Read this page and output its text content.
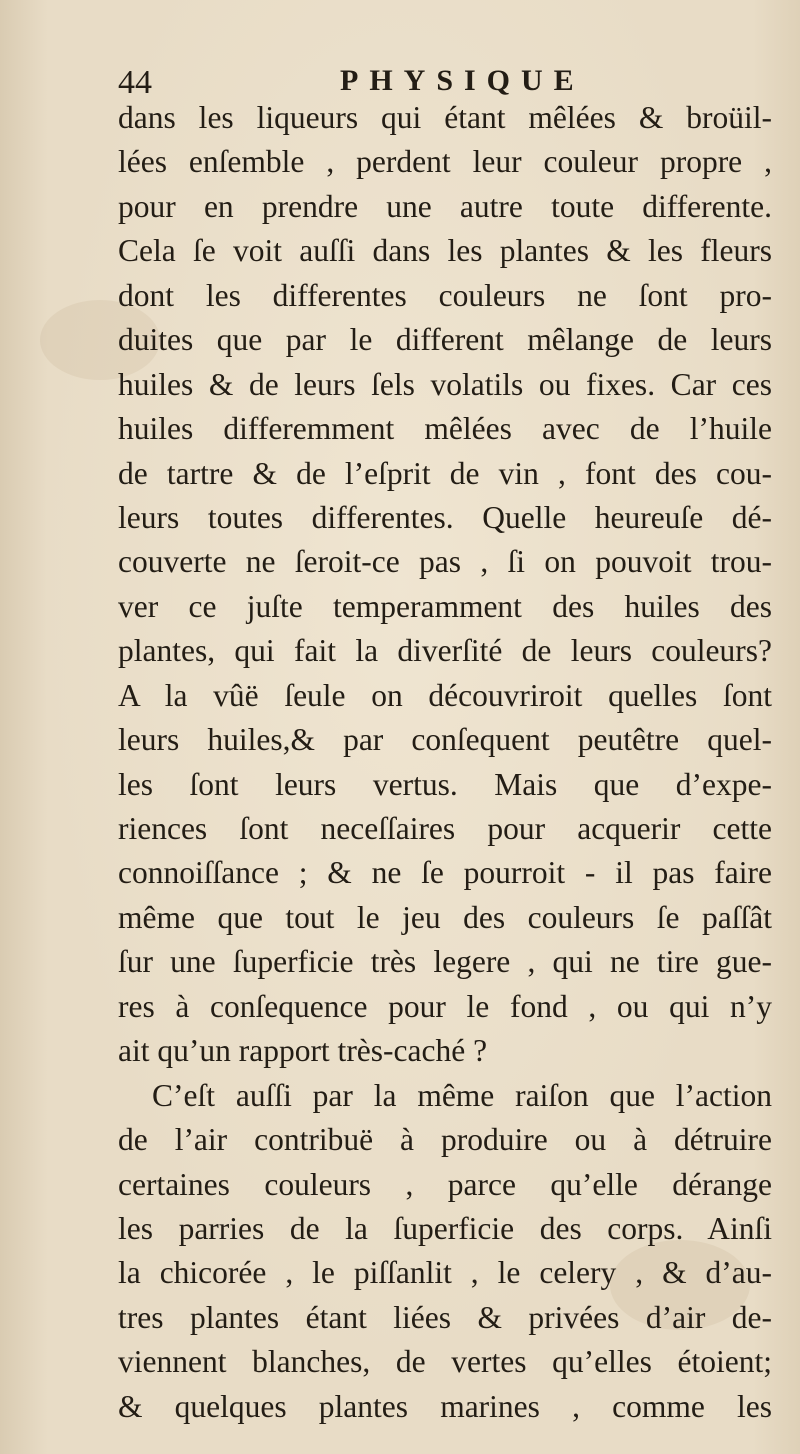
44	PHYSIQUE
dans les liqueurs qui étant mêlées & broüil-
lées enſemble , perdent leur couleur propre ,
pour en prendre une autre toute differente.
Cela ſe voit auſſi dans les plantes & les fleurs
dont les differentes couleurs ne ſont pro-
duites que par le different mêlange de leurs
huiles & de leurs ſels volatils ou fixes. Car ces
huiles differemment mêlées avec de l’huile
de tartre & de l’eſprit de vin , font des cou-
leurs toutes differentes. Quelle heureuſe dé-
couverte ne ſeroit-ce pas , ſi on pouvoit trou-
ver ce juſte temperamment des huiles des
plantes, qui fait la diverſité de leurs couleurs?
A la vûë ſeule on découvriroit quelles ſont
leurs huiles,& par conſequent peutêtre quel-
les ſont leurs vertus. Mais que d’expe-
riences ſont neceſſaires pour acquerir cette
connoiſſance ; & ne ſe pourroit - il pas faire
même que tout le jeu des couleurs ſe paſſât
ſur une ſuperficie très legere , qui ne tire gue-
res à conſequence pour le fond , ou qui n’y
ait qu’un rapport très-caché ?
C’eſt auſſi par la même raiſon que l’action
de l’air contribuë à produire ou à détruire
certaines couleurs , parce qu’elle dérange
les parries de la ſuperficie des corps. Ainſi
la chicorée , le piſſanlit , le celery , & d’au-
tres plantes étant liées & privées d’air de-
viennent blanches, de vertes qu’elles étoient;
& quelques plantes marines , comme les
